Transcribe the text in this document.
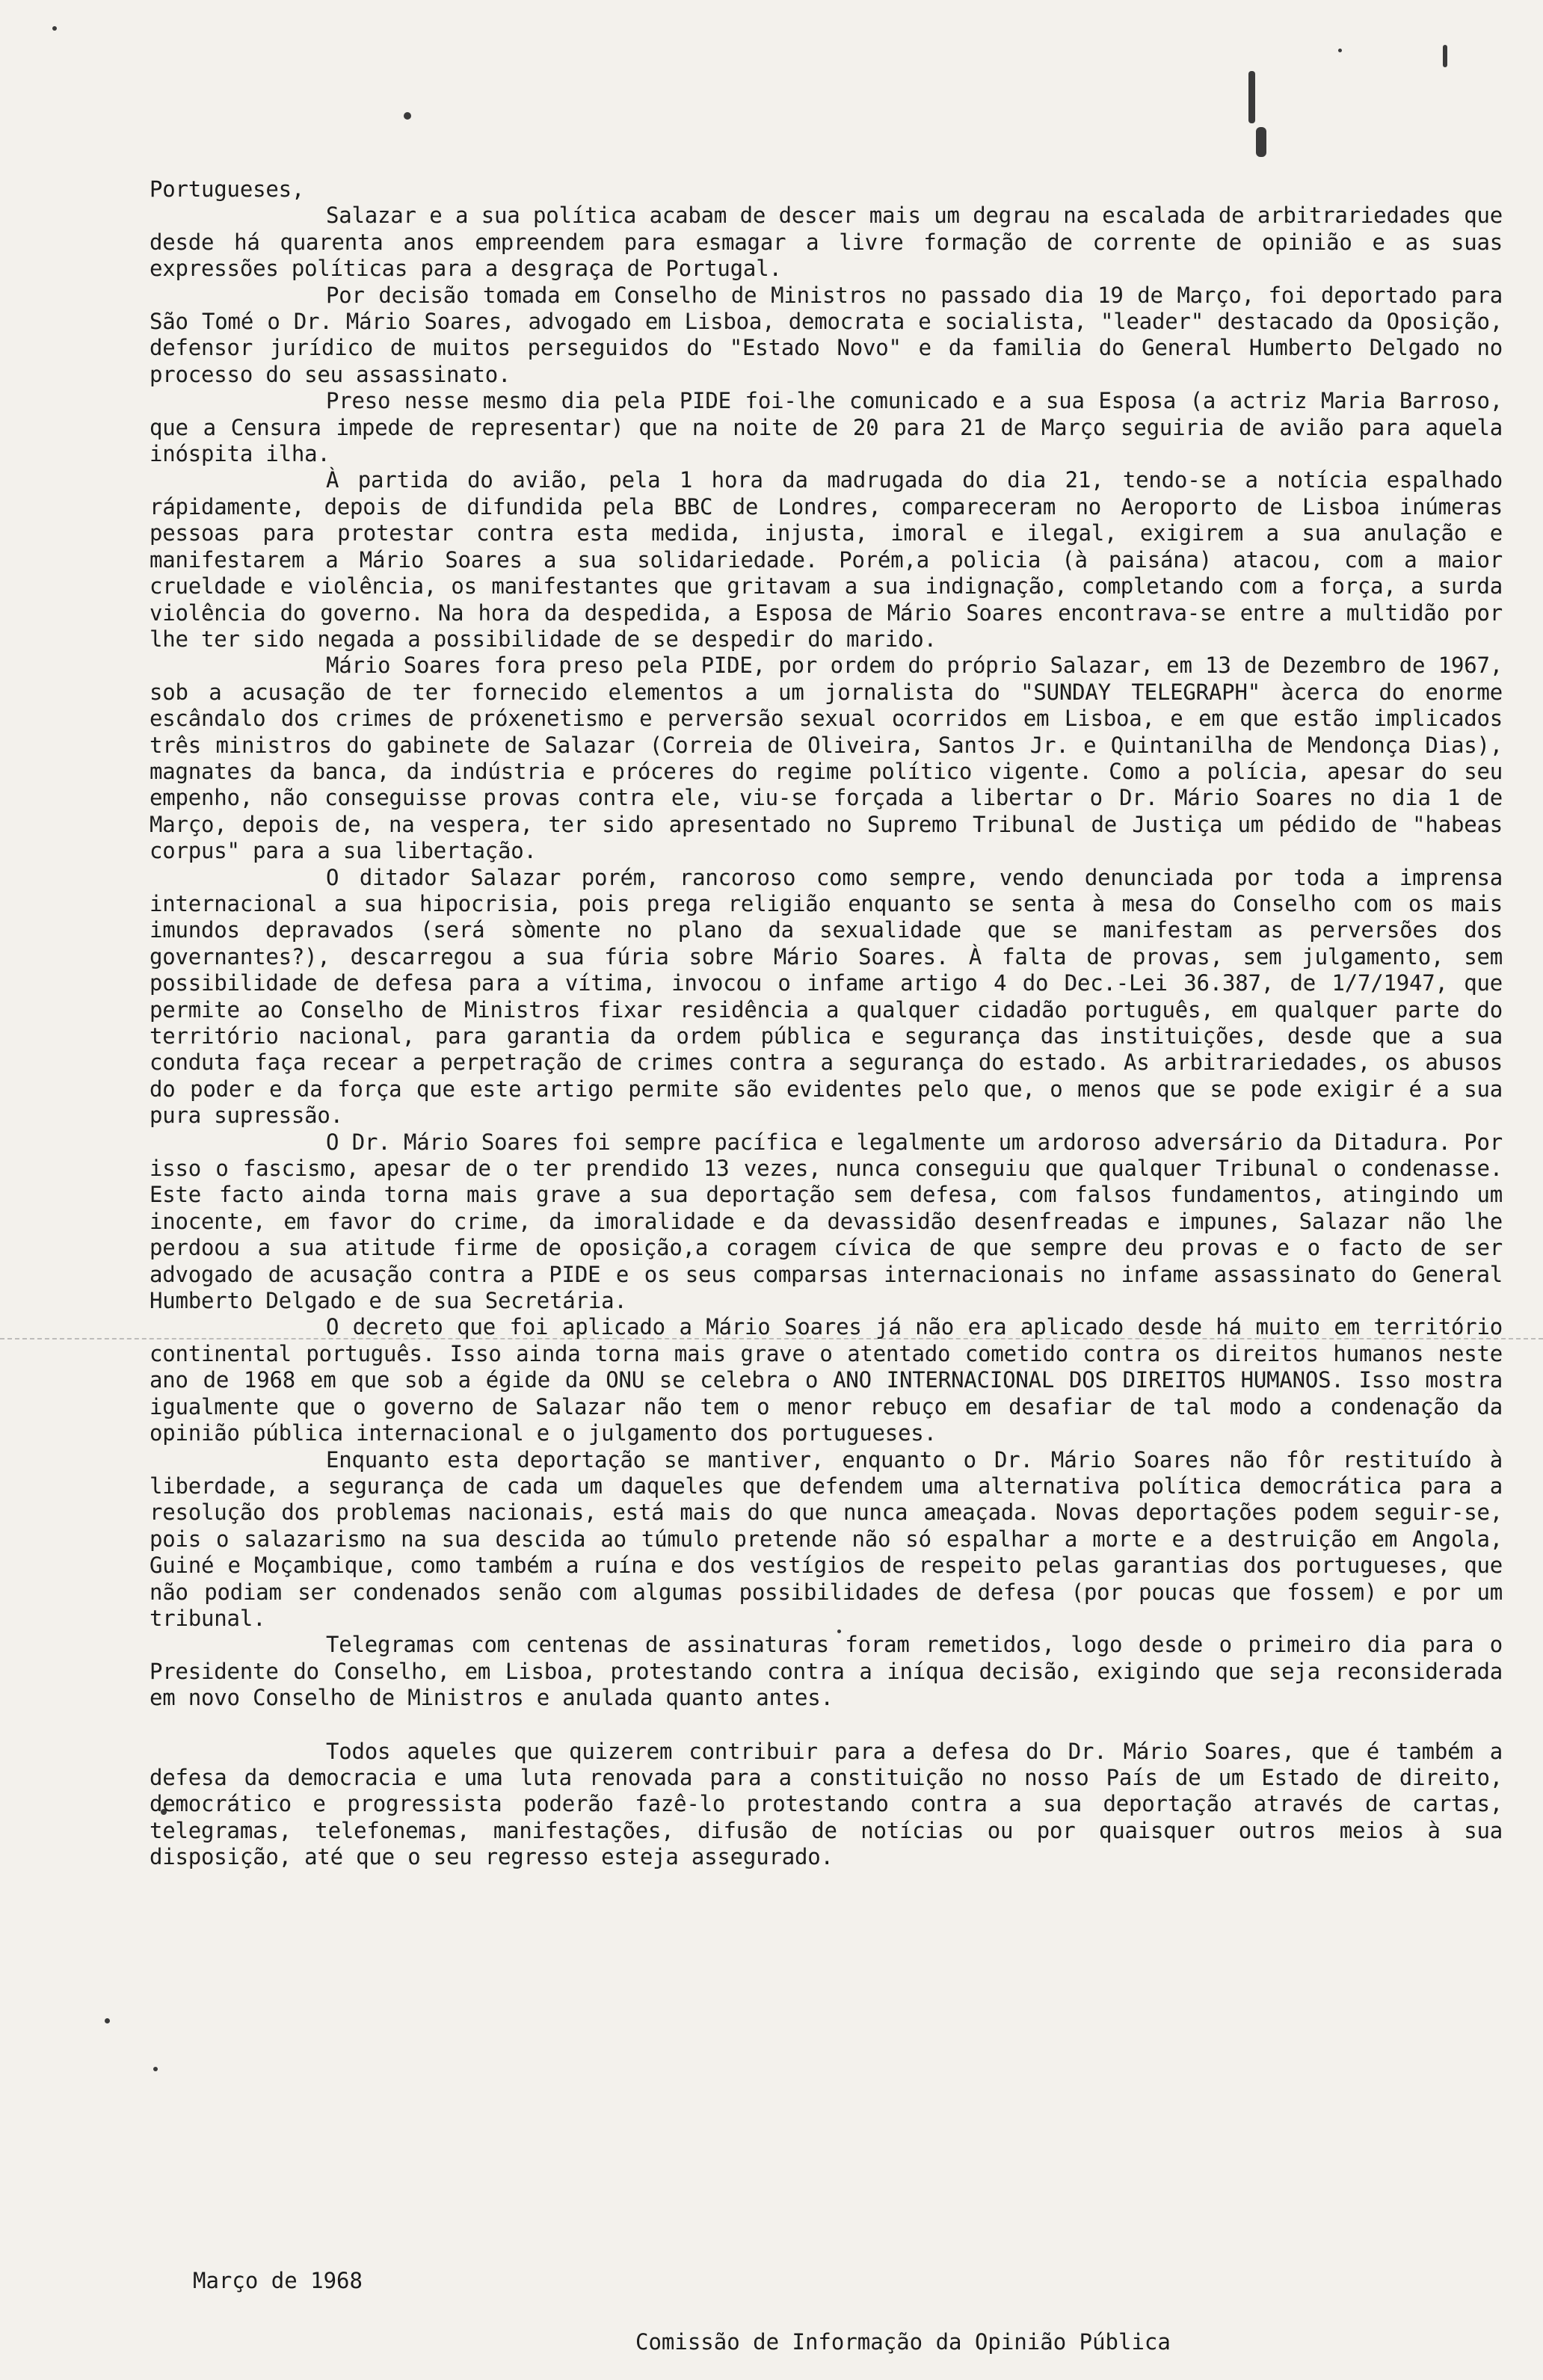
Portugueses,

Salazar e a sua política acabam de descer mais um degrau na escalada de arbitrariedades que desde há quarenta anos empreendem para esmagar a livre formação de corrente de opinião e as suas expressões políticas para a desgraça de Portugal.

Por decisão tomada em Conselho de Ministros no passado dia 19 de Março, foi deportado para São Tomé o Dr. Mário Soares, advogado em Lisboa, democrata e socialista, "leader" destacado da Oposição, defensor jurídico de muitos perseguidos do "Estado Novo" e da familia do General Humberto Delgado no processo do seu assassinato.

Preso nesse mesmo dia pela PIDE foi-lhe comunicado e a sua Esposa (a actriz Maria Barroso, que a Censura impede de representar) que na noite de 20 para 21 de Março seguiria de avião para aquela inóspita ilha.

À partida do avião, pela 1 hora da madrugada do dia 21, tendo-se a notícia espalhado rápidamente, depois de difundida pela BBC de Londres, compareceram no Aeroporto de Lisboa inúmeras pessoas para protestar contra esta medida, injusta, imoral e ilegal, exigirem a sua anulação e manifestarem a Mário Soares a sua solidariedade. Porém,a policia (à paisána) atacou, com a maior crueldade e violência, os manifestantes que gritavam a sua indignação, completando com a força, a surda violência do governo. Na hora da despedida, a Esposa de Mário Soares encontrava-se entre a multidão por lhe ter sido negada a possibilidade de se despedir do marido.

Mário Soares fora preso pela PIDE, por ordem do próprio Salazar, em 13 de Dezembro de 1967, sob a acusação de ter fornecido elementos a um jornalista do "SUNDAY TELEGRAPH" àcerca do enorme escândalo dos crimes de próxenetismo e perversão sexual ocorridos em Lisboa, e em que estão implicados três ministros do gabinete de Salazar (Correia de Oliveira, Santos Jr. e Quintanilha de Mendonça Dias), magnates da banca, da indústria e próceres do regime político vigente. Como a polícia, apesar do seu empenho, não conseguisse provas contra ele, viu-se forçada a libertar o Dr. Mário Soares no dia 1 de Março, depois de, na vespera, ter sido apresentado no Supremo Tribunal de Justiça um pédido de "habeas corpus" para a sua libertação.

O ditador Salazar porém, rancoroso como sempre, vendo denunciada por toda a imprensa internacional a sua hipocrisia, pois prega religião enquanto se senta à mesa do Conselho com os mais imundos depravados (será sòmente no plano da sexualidade que se manifestam as perversões dos governantes?), descarregou a sua fúria sobre Mário Soares. À falta de provas, sem julgamento, sem possibilidade de defesa para a vítima, invocou o infame artigo 4 do Dec.-Lei 36.387, de 1/7/1947, que permite ao Conselho de Ministros fixar residência a qualquer cidadão português, em qualquer parte do território nacional, para garantia da ordem pública e segurança das instituições, desde que a sua conduta faça recear a perpetração de crimes contra a segurança do estado. As arbitrariedades, os abusos do poder e da força que este artigo permite são evidentes pelo que, o menos que se pode exigir é a sua pura supressão.

O Dr. Mário Soares foi sempre pacífica e legalmente um ardoroso adversário da Ditadura. Por isso o fascismo, apesar de o ter prendido 13 vezes, nunca conseguiu que qualquer Tribunal o condenasse. Este facto ainda torna mais grave a sua deportação sem defesa, com falsos fundamentos, atingindo um inocente, em favor do crime, da imoralidade e da devassidão desenfreadas e impunes, Salazar não lhe perdoou a sua atitude firme de oposição,a coragem cívica de que sempre deu provas e o facto de ser advogado de acusação contra a PIDE e os seus comparsas internacionais no infame assassinato do General Humberto Delgado e de sua Secretária.

O decreto que foi aplicado a Mário Soares já não era aplicado desde há muito em território continental português. Isso ainda torna mais grave o atentado cometido contra os direitos humanos neste ano de 1968 em que sob a égide da ONU se celebra o ANO INTERNACIONAL DOS DIREITOS HUMANOS. Isso mostra igualmente que o governo de Salazar não tem o menor rebuço em desafiar de tal modo a condenação da opinião pública internacional e o julgamento dos portugueses.

Enquanto esta deportação se mantiver, enquanto o Dr. Mário Soares não fôr restituído à liberdade, a segurança de cada um daqueles que defendem uma alternativa política democrática para a resolução dos problemas nacionais, está mais do que nunca ameaçada. Novas deportações podem seguir-se, pois o salazarismo na sua descida ao túmulo pretende não só espalhar a morte e a destruição em Angola, Guiné e Moçambique, como também a ruína e dos vestígios de respeito pelas garantias dos portugueses, que não podiam ser condenados senão com algumas possibilidades de defesa (por poucas que fossem) e por um tribunal.

Telegramas com centenas de assinaturas foram remetidos, logo desde o primeiro dia para o Presidente do Conselho, em Lisboa, protestando contra a iníqua decisão, exigindo que seja reconsiderada em novo Conselho de Ministros e anulada quanto antes.

Todos aqueles que quizerem contribuir para a defesa do Dr. Mário Soares, que é também a defesa da democracia e uma luta renovada para a constituição no nosso País de um Estado de direito, democrático e progressista poderão fazê-lo protestando contra a sua deportação através de cartas, telegramas, telefonemas, manifestações, difusão de notícias ou por quaisquer outros meios à sua disposição, até que o seu regresso esteja assegurado.

Março de 1968
Comissão de Informação da Opinião Pública
